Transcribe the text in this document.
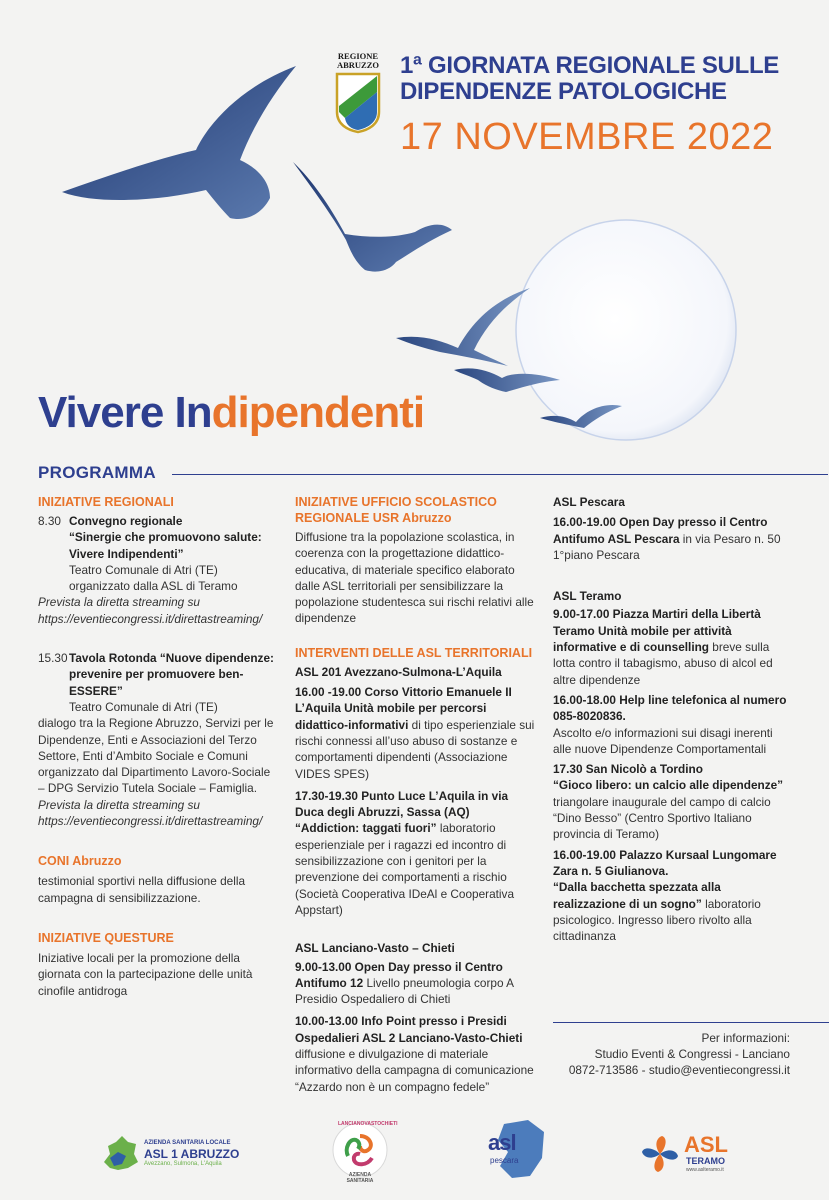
REGIONE
ABRUZZO 1ª GIORNATA REGIONALE SULLE
DIPENDENZE PATOLOGICHE
17 NOVEMBRE 2022
Vivere Indipendenti
PROGRAMMA

INIZIATIVE REGIONALI

8.30 Convegno regionale

“Sinergie che promuovono salute:

Vivere Indipendenti”

Teatro Comunale di Atri (TE)

organizzato dalla ASL di Teramo

Prevista la diretta streaming su

https://eventiecongressi.it/direttastreaming/

15.30Tavola Rotonda “Nuove dipendenze:

prevenire per promuovere ben-ESSERE”

Teatro Comunale di Atri (TE)

dialogo tra la Regione Abruzzo, Servizi per le Dipendenze, Enti e Associazioni del Terzo Settore, Enti d’Ambito Sociale e Comuni organizzato dal Dipartimento Lavoro-Sociale – DPG Servizio Tutela Sociale – Famiglia.

Prevista la diretta streaming su

https://eventiecongressi.it/direttastreaming/

CONI Abruzzo

testimonial sportivi nella diffusione della campagna di sensibilizzazione.

INIZIATIVE QUESTURE

Iniziative locali per la promozione della giornata con la partecipazione delle unità cinofile antidroga

INIZIATIVE UFFICIO SCOLASTICO REGIONALE USR Abruzzo

Diffusione tra la popolazione scolastica, in coerenza con la progettazione didattico-educativa, di materiale specifico elaborato dalle ASL territoriali per sensibilizzare la popolazione studentesca sui rischi relativi alle dipendenze

INTERVENTI DELLE ASL TERRITORIALI

ASL 201 Avezzano-Sulmona-L’Aquila

16.00 -19.00 Corso Vittorio Emanuele II L’Aquila Unità mobile per percorsi didattico-informativi di tipo esperienziale sui rischi connessi all’uso abuso di sostanze e comportamenti dipendenti (Associazione VIDES SPES)

17.30-19.30 Punto Luce L’Aquila in via Duca degli Abruzzi, Sassa (AQ)
“Addiction: taggati fuori” laboratorio esperienziale per i ragazzi ed incontro di sensibilizzazione con i genitori per la prevenzione dei comportamenti a rischio (Società Cooperativa IDeAl e Cooperativa Appstart)

ASL Lanciano-Vasto – Chieti

9.00-13.00 Open Day presso il Centro Antifumo 12 Livello pneumologia corpo A Presidio Ospedaliero di Chieti

10.00-13.00 Info Point presso i Presidi Ospedalieri ASL 2 Lanciano-Vasto-Chieti
diffusione e divulgazione di materiale informativo della campagna di comunicazione “Azzardo non è un compagno fedele”

ASL Pescara

16.00-19.00 Open Day presso il Centro Antifumo ASL Pescara in via Pesaro n. 50 1°piano Pescara

ASL Teramo

9.00-17.00 Piazza Martiri della Libertà Teramo Unità mobile per attività informative e di counselling breve sulla lotta contro il tabagismo, abuso di alcol ed altre dipendenze

16.00-18.00 Help line telefonica al numero 085-8020836.
Ascolto e/o informazioni sui disagi inerenti alle nuove Dipendenze Comportamentali

17.30 San Nicolò a Tordino
“Gioco libero: un calcio alle dipendenze” triangolare inaugurale del campo di calcio “Dino Besso” (Centro Sportivo Italiano provincia di Teramo)

16.00-19.00 Palazzo Kursaal Lungomare Zara n. 5 Giulianova.
“Dalla bacchetta spezzata alla realizzazione di un sogno” laboratorio psicologico. Ingresso libero rivolto alla cittadinanza

Per informazioni:
Studio Eventi & Congressi - Lanciano
0872-713586 - studio@eventiecongressi.it
AZIENDA SANITARIA LOCALE
ASL 1 ABRUZZO
Avezzano, Sulmona, L'Aquila
LANCIANOVASTOCHIETI
AZIENDA SANITARIA
asl
pescara
ASL
TERAMO
www.aslteramo.it
